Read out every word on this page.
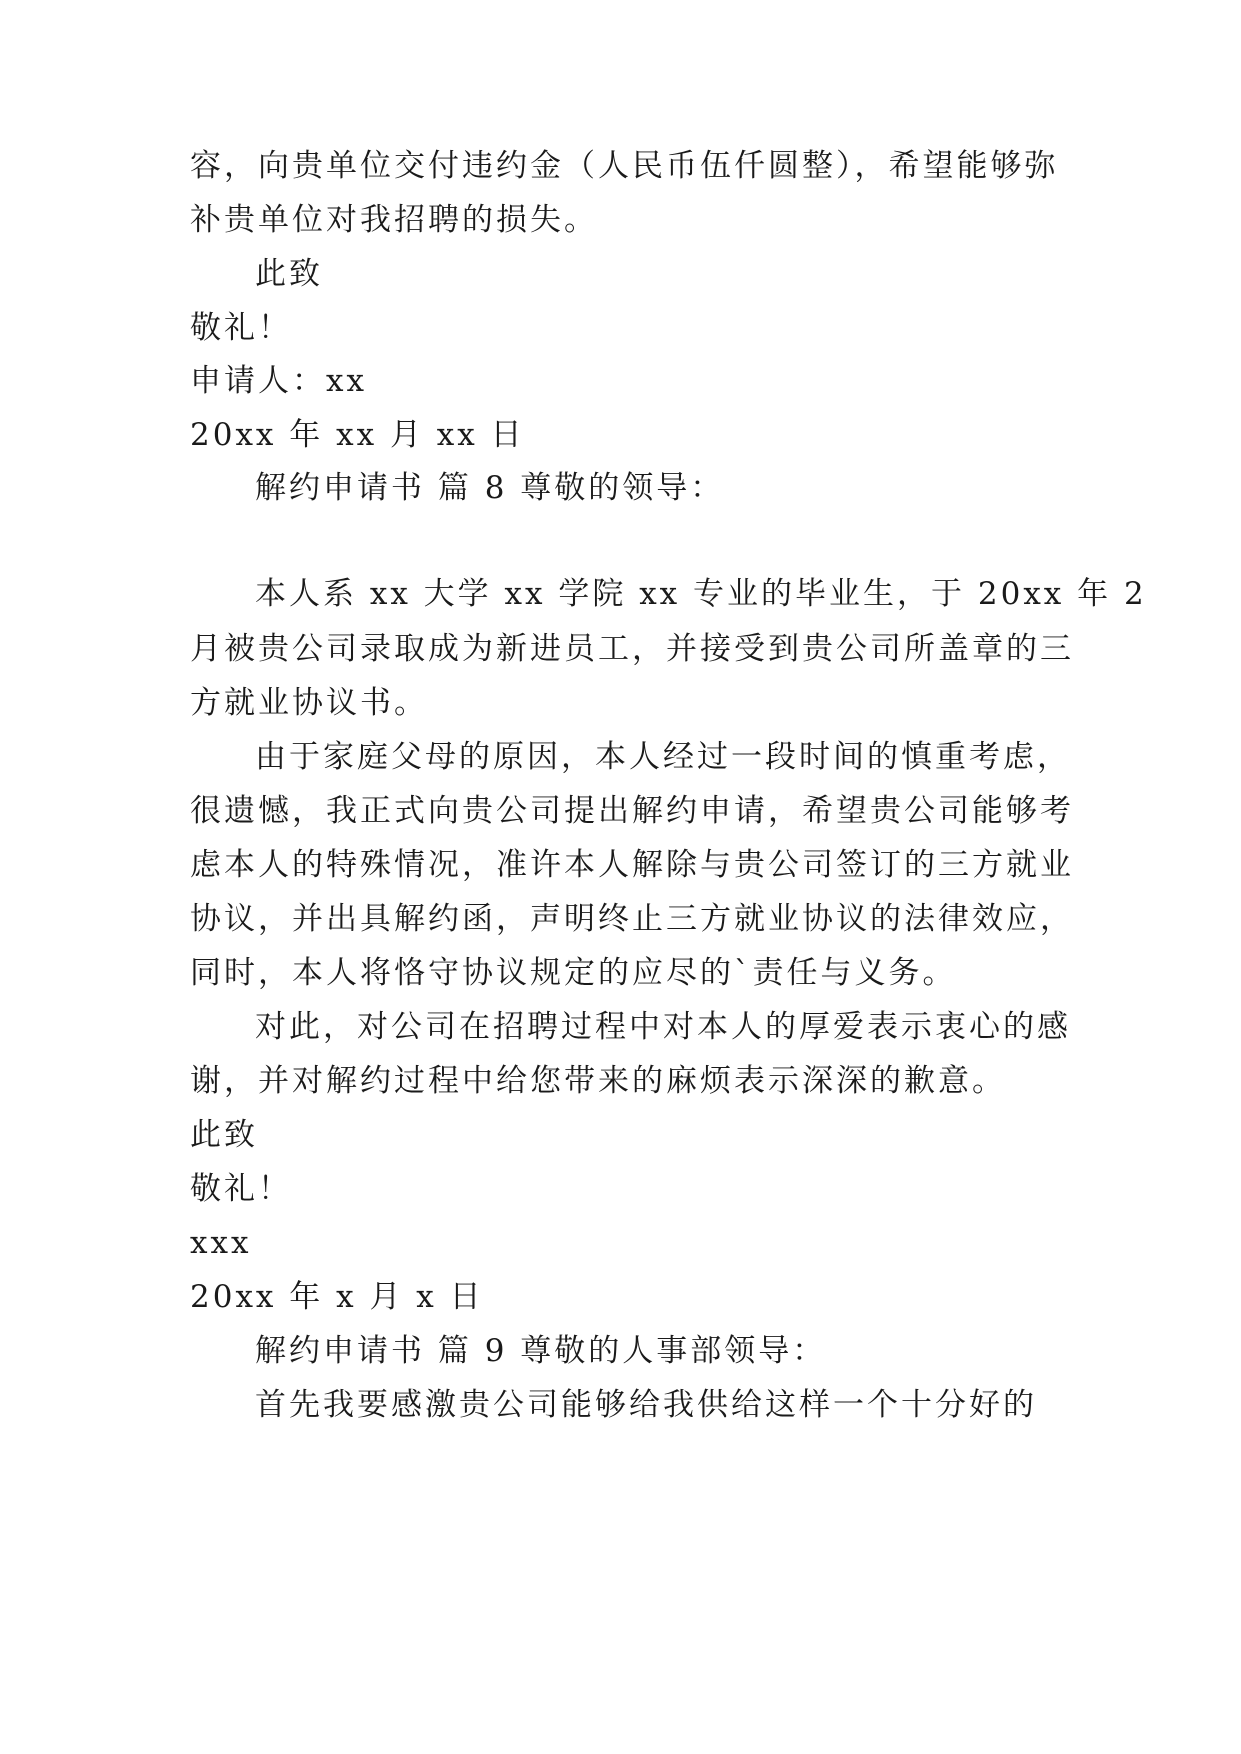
容，向贵单位交付违约金（人民币伍仟圆整），希望能够弥
补贵单位对我招聘的损失。
此致
敬礼！
申请人：xx
20xx 年 xx 月 xx 日
解约申请书 篇 8 尊敬的领导：
本人系 xx 大学 xx 学院 xx 专业的毕业生，于 20xx 年 2
月被贵公司录取成为新进员工，并接受到贵公司所盖章的三
方就业协议书。
由于家庭父母的原因，本人经过一段时间的慎重考虑，
很遗憾，我正式向贵公司提出解约申请，希望贵公司能够考
虑本人的特殊情况，准许本人解除与贵公司签订的三方就业
协议，并出具解约函，声明终止三方就业协议的法律效应，
同时，本人将恪守协议规定的应尽的`责任与义务。
对此，对公司在招聘过程中对本人的厚爱表示衷心的感
谢，并对解约过程中给您带来的麻烦表示深深的歉意。
此致
敬礼！
xxx
20xx 年 x 月 x 日
解约申请书 篇 9 尊敬的人事部领导：
首先我要感激贵公司能够给我供给这样一个十分好的
